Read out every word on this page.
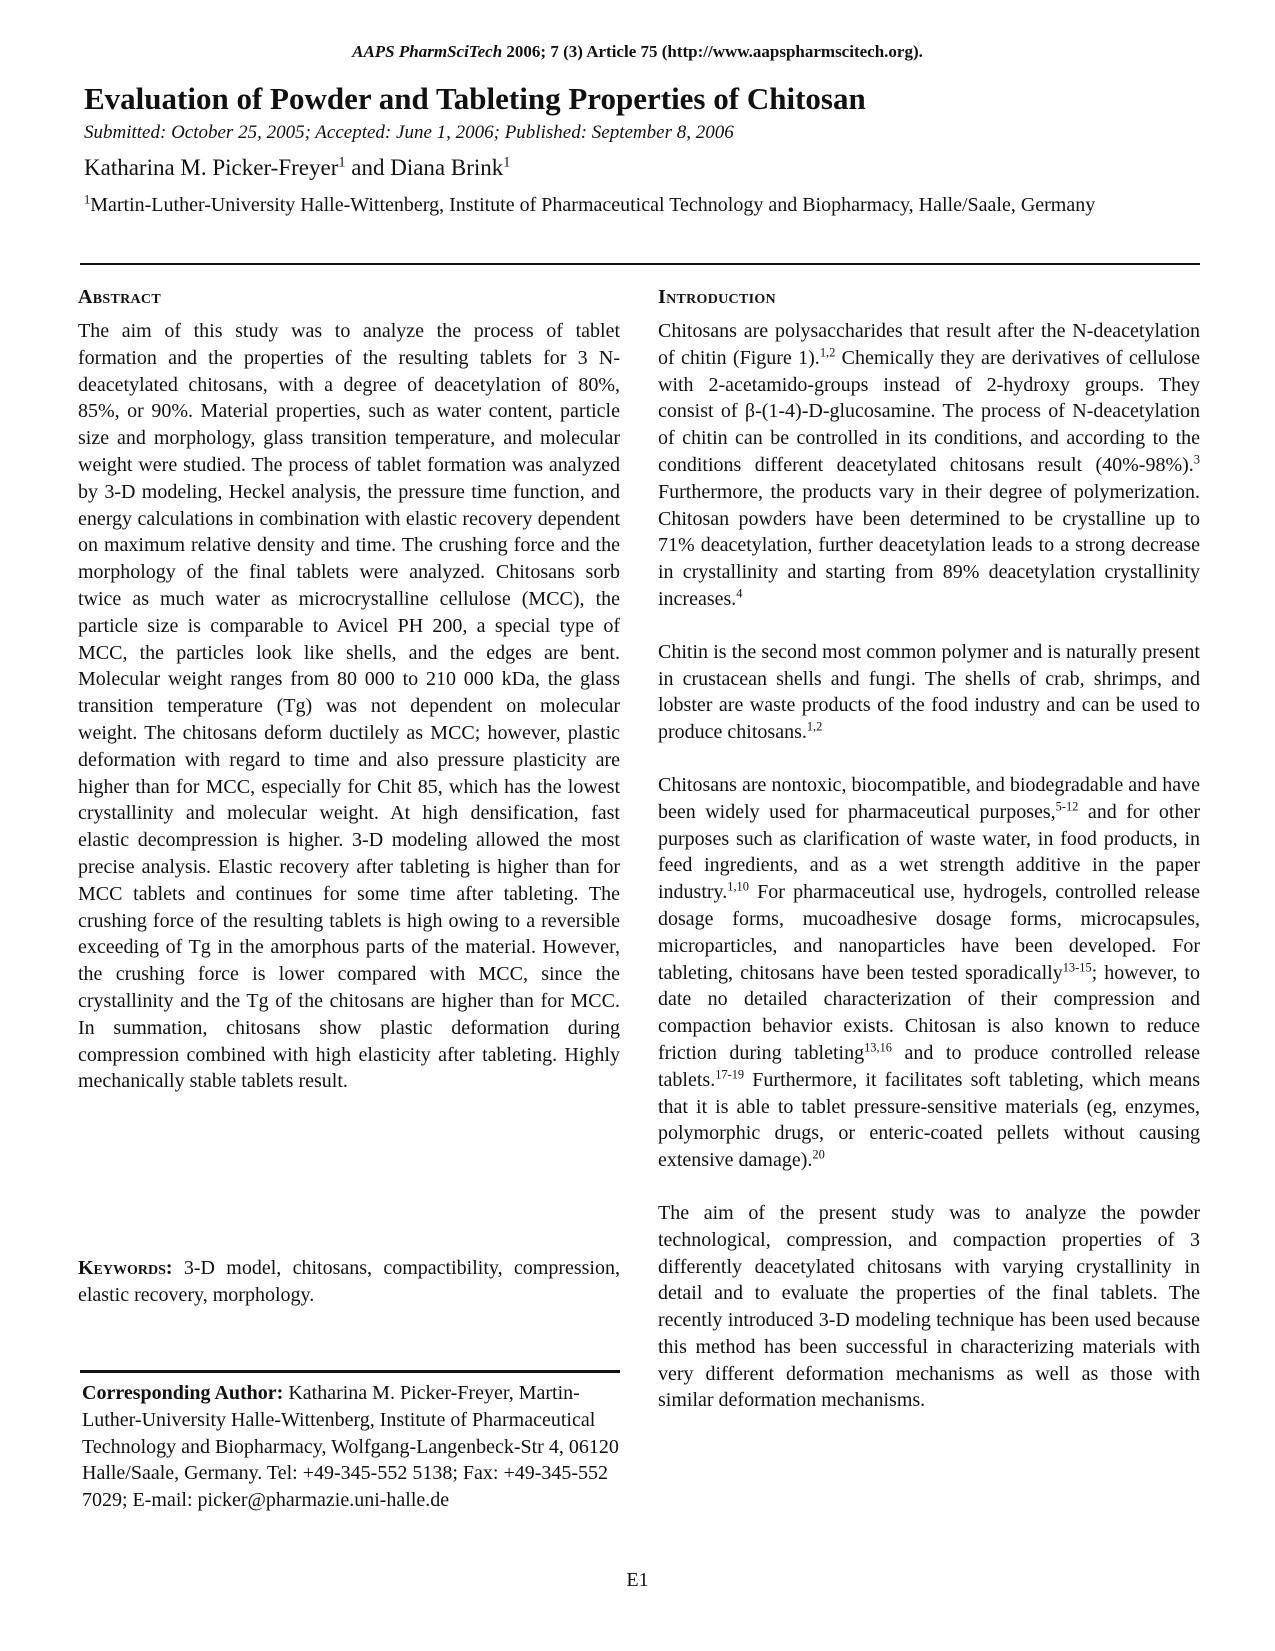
AAPS PharmSciTech 2006; 7 (3) Article 75 (http://www.aapspharmscitech.org).
Evaluation of Powder and Tableting Properties of Chitosan
Submitted: October 25, 2005; Accepted: June 1, 2006; Published: September 8, 2006
Katharina M. Picker-Freyer$^1$ and Diana Brink$^1$
$^1$Martin-Luther-University Halle-Wittenberg, Institute of Pharmaceutical Technology and Biopharmacy, Halle/Saale, Germany
Abstract

The aim of this study was to analyze the process of tablet formation and the properties of the resulting tablets for 3 N-deacetylated chitosans, with a degree of deacetylation of 80%, 85%, or 90%. Material properties, such as water content, particle size and morphology, glass transition temperature, and molecular weight were studied. The process of tablet formation was analyzed by 3-D modeling, Heckel analysis, the pressure time function, and energy calculations in combination with elastic recovery dependent on maximum relative density and time. The crushing force and the morphology of the final tablets were analyzed. Chitosans sorb twice as much water as microcrystalline cellulose (MCC), the particle size is comparable to Avicel PH 200, a special type of MCC, the particles look like shells, and the edges are bent. Molecular weight ranges from 80 000 to 210 000 kDa, the glass transition temperature (Tg) was not dependent on molecular weight. The chitosans deform ductilely as MCC; however, plastic deformation with regard to time and also pressure plasticity are higher than for MCC, especially for Chit 85, which has the lowest crystallinity and molecular weight. At high densification, fast elastic decompression is higher. 3-D modeling allowed the most precise analysis. Elastic recovery after tableting is higher than for MCC tablets and continues for some time after tableting. The crushing force of the resulting tablets is high owing to a reversible exceeding of Tg in the amorphous parts of the material. However, the crushing force is lower compared with MCC, since the crystallinity and the Tg of the chitosans are higher than for MCC. In summation, chitosans show plastic deformation during compression combined with high elasticity after tableting. Highly mechanically stable tablets result.

Keywords: 3-D model, chitosans, compactibility, compression, elastic recovery, morphology.

Corresponding Author: Katharina M. Picker-Freyer, Martin-Luther-University Halle-Wittenberg, Institute of Pharmaceutical Technology and Biopharmacy, Wolfgang-Langenbeck-Str 4, 06120 Halle/Saale, Germany. Tel: +49-345-552 5138; Fax: +49-345-552 7029; E-mail: picker@pharmazie.uni-halle.de

Introduction

Chitosans are polysaccharides that result after the N-deacetylation of chitin (Figure 1).$^{1,2}$ Chemically they are derivatives of cellulose with 2-acetamido-groups instead of 2-hydroxy groups. They consist of β-(1-4)-D-glucosamine. The process of N-deacetylation of chitin can be controlled in its conditions, and according to the conditions different deacetylated chitosans result (40%-98%).$^3$ Furthermore, the products vary in their degree of polymerization. Chitosan powders have been determined to be crystalline up to 71% deacetylation, further deacetylation leads to a strong decrease in crystallinity and starting from 89% deacetylation crystallinity increases.$^4$

Chitin is the second most common polymer and is naturally present in crustacean shells and fungi. The shells of crab, shrimps, and lobster are waste products of the food industry and can be used to produce chitosans.$^{1,2}$

Chitosans are nontoxic, biocompatible, and biodegradable and have been widely used for pharmaceutical purposes,$^{5-12}$ and for other purposes such as clarification of waste water, in food products, in feed ingredients, and as a wet strength additive in the paper industry.$^{1,10}$ For pharmaceutical use, hydrogels, controlled release dosage forms, mucoadhesive dosage forms, microcapsules, microparticles, and nanoparticles have been developed. For tableting, chitosans have been tested sporadically$^{13-15}$; however, to date no detailed characterization of their compression and compaction behavior exists. Chitosan is also known to reduce friction during tableting$^{13,16}$ and to produce controlled release tablets.$^{17-19}$ Furthermore, it facilitates soft tableting, which means that it is able to tablet pressure-sensitive materials (eg, enzymes, polymorphic drugs, or enteric-coated pellets without causing extensive damage).$^{20}$

The aim of the present study was to analyze the powder technological, compression, and compaction properties of 3 differently deacetylated chitosans with varying crystallinity in detail and to evaluate the properties of the final tablets. The recently introduced 3-D modeling technique has been used because this method has been successful in characterizing materials with very different deformation mechanisms as well as those with similar deformation mechanisms.

E1
